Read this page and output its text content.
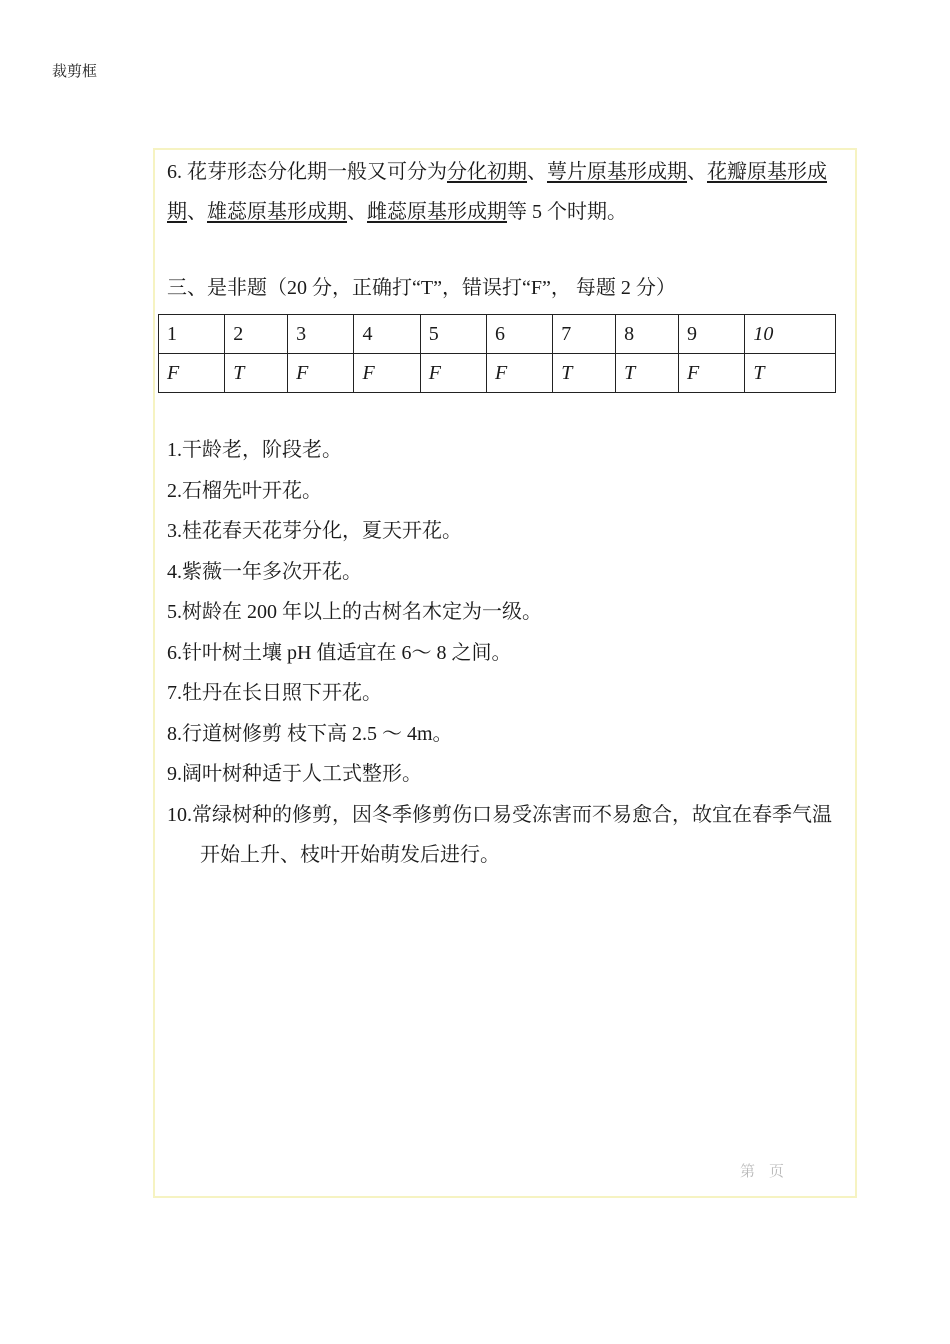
裁剪框

6. 花芽形态分化期一般又可分为分化初期、萼片原基形成期、花瓣原基形成期、雄蕊原基形成期、雌蕊原基形成期等 5 个时期。

三、是非题（20 分，正确打“T”，错误打“F”， 每题 2 分）

1	2	3	4	5	6	7	8	9	10
F	T	F	F	F	F	T	T	F	T
1.干龄老，阶段老。
2.石榴先叶开花。
3.桂花春天花芽分化，夏天开花。
4.紫薇一年多次开花。
5.树龄在 200 年以上的古树名木定为一级。
6.针叶树土壤 pH 值适宜在 6～ 8 之间。
7.牡丹在长日照下开花。
8.行道树修剪 枝下高 2.5 ～ 4m。
9.阔叶树种适于人工式整形。
10.常绿树种的修剪，因冬季修剪伤口易受冻害而不易愈合，故宜在春季气温开始上升、枝叶开始萌发后进行。
第页
